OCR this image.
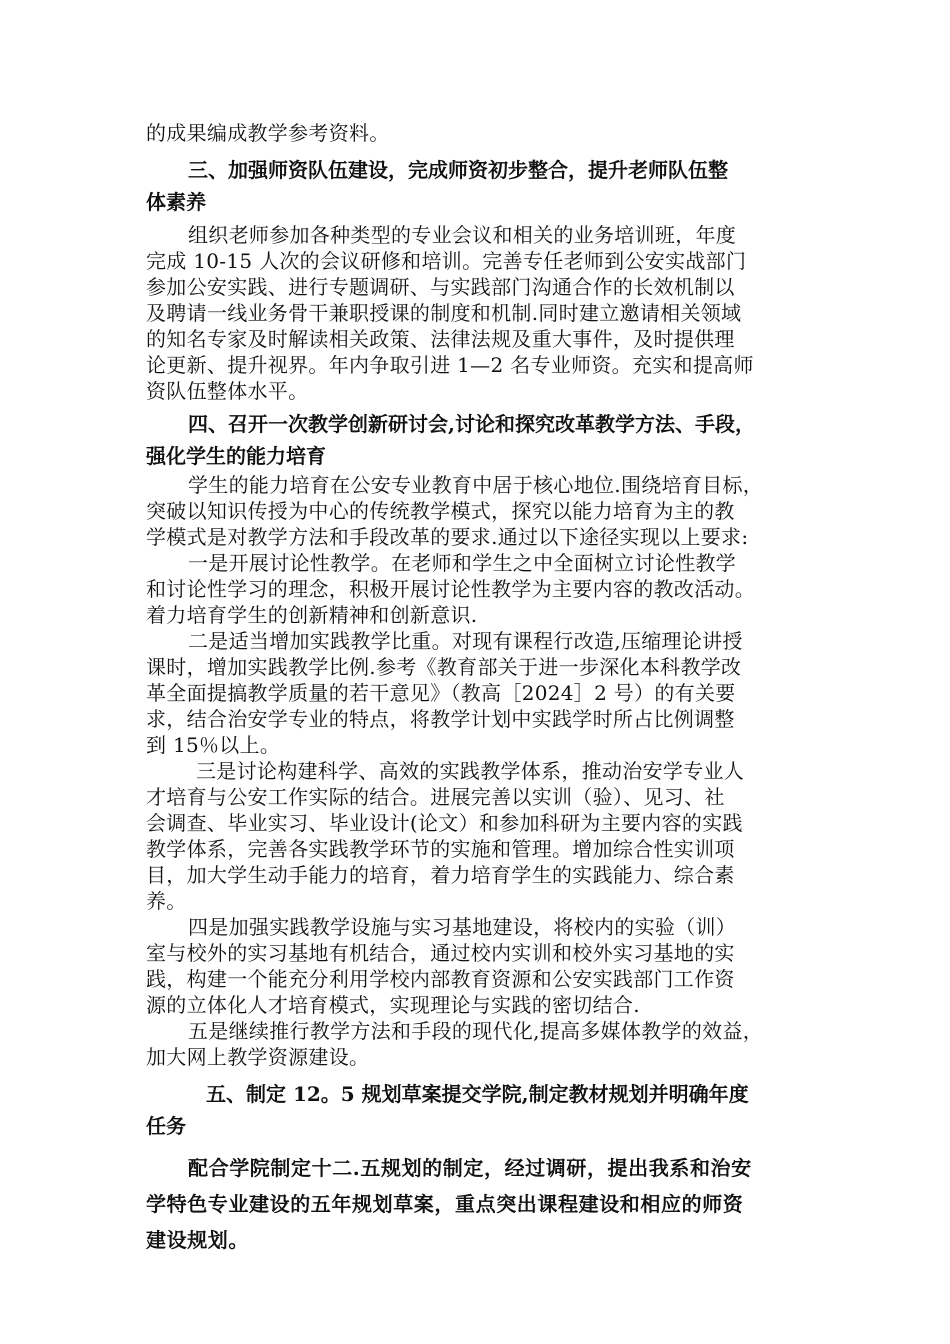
的成果编成教学参考资料。
三、加强师资队伍建设，完成师资初步整合，提升老师队伍整
体素养
组织老师参加各种类型的专业会议和相关的业务培训班，年度
完成 10-15 人次的会议研修和培训。完善专任老师到公安实战部门
参加公安实践、进行专题调研、与实践部门沟通合作的长效机制以
及聘请一线业务骨干兼职授课的制度和机制.同时建立邀请相关领域
的知名专家及时解读相关政策、法律法规及重大事件，及时提供理
论更新、提升视界。年内争取引进 1—2 名专业师资。充实和提高师
资队伍整体水平。
四、召开一次教学创新研讨会,讨论和探究改革教学方法、手段，
强化学生的能力培育
学生的能力培育在公安专业教育中居于核心地位.围绕培育目标，
突破以知识传授为中心的传统教学模式，探究以能力培育为主的教
学模式是对教学方法和手段改革的要求.通过以下途径实现以上要求:
一是开展讨论性教学。在老师和学生之中全面树立讨论性教学
和讨论性学习的理念，积极开展讨论性教学为主要内容的教改活动。
着力培育学生的创新精神和创新意识.
二是适当增加实践教学比重。对现有课程行改造,压缩理论讲授
课时，增加实践教学比例.参考《教育部关于进一步深化本科教学改
革全面提搞教学质量的若干意见》（教高［2024］2 号）的有关要
求，结合治安学专业的特点，将教学计划中实践学时所占比例调整
到 15％以上。
三是讨论构建科学、高效的实践教学体系，推动治安学专业人
才培育与公安工作实际的结合。进展完善以实训（验）、见习、社
会调查、毕业实习、毕业设计(论文）和参加科研为主要内容的实践
教学体系，完善各实践教学环节的实施和管理。增加综合性实训项
目，加大学生动手能力的培育，着力培育学生的实践能力、综合素
养。
四是加强实践教学设施与实习基地建设，将校内的实验（训）
室与校外的实习基地有机结合，通过校内实训和校外实习基地的实
践，构建一个能充分利用学校内部教育资源和公安实践部门工作资
源的立体化人才培育模式，实现理论与实践的密切结合.
五是继续推行教学方法和手段的现代化,提高多媒体教学的效益，
加大网上教学资源建设。
五、制定 12。5 规划草案提交学院,制定教材规划并明确年度
任务
配合学院制定十二.五规划的制定，经过调研，提出我系和治安
学特色专业建设的五年规划草案，重点突出课程建设和相应的师资
建设规划。
